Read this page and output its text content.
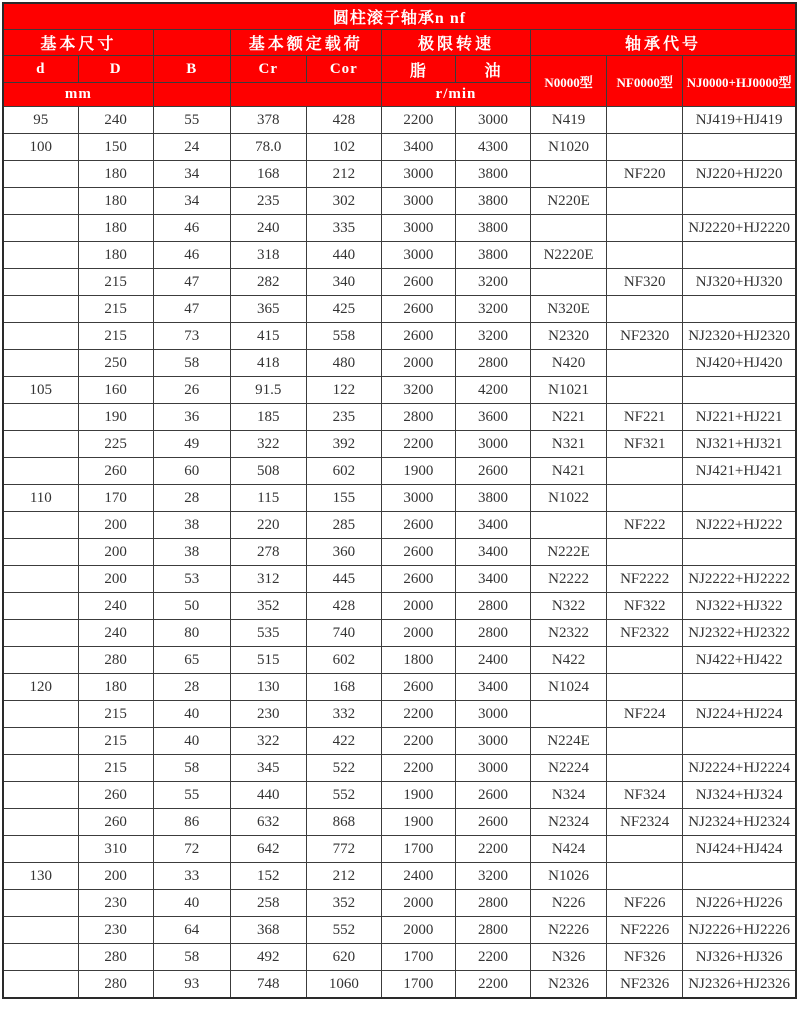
圆柱滚子轴承n nf									
基本尺寸			基本额定载荷		极限转速		轴承代号		
d	D	B	Cr	Cor	脂	油	N0000型	NF0000型	NJ0000+HJ0000型
mm					r/min				
95	240	55	378	428	2200	3000	N419		NJ419+HJ419
100	150	24	78.0	102	3400	4300	N1020		
	180	34	168	212	3000	3800		NF220	NJ220+HJ220
	180	34	235	302	3000	3800	N220E		
	180	46	240	335	3000	3800			NJ2220+HJ2220
	180	46	318	440	3000	3800	N2220E		
	215	47	282	340	2600	3200		NF320	NJ320+HJ320
	215	47	365	425	2600	3200	N320E		
	215	73	415	558	2600	3200	N2320	NF2320	NJ2320+HJ2320
	250	58	418	480	2000	2800	N420		NJ420+HJ420
105	160	26	91.5	122	3200	4200	N1021		
	190	36	185	235	2800	3600	N221	NF221	NJ221+HJ221
	225	49	322	392	2200	3000	N321	NF321	NJ321+HJ321
	260	60	508	602	1900	2600	N421		NJ421+HJ421
110	170	28	115	155	3000	3800	N1022		
	200	38	220	285	2600	3400		NF222	NJ222+HJ222
	200	38	278	360	2600	3400	N222E		
	200	53	312	445	2600	3400	N2222	NF2222	NJ2222+HJ2222
	240	50	352	428	2000	2800	N322	NF322	NJ322+HJ322
	240	80	535	740	2000	2800	N2322	NF2322	NJ2322+HJ2322
	280	65	515	602	1800	2400	N422		NJ422+HJ422
120	180	28	130	168	2600	3400	N1024		
	215	40	230	332	2200	3000		NF224	NJ224+HJ224
	215	40	322	422	2200	3000	N224E		
	215	58	345	522	2200	3000	N2224		NJ2224+HJ2224
	260	55	440	552	1900	2600	N324	NF324	NJ324+HJ324
	260	86	632	868	1900	2600	N2324	NF2324	NJ2324+HJ2324
	310	72	642	772	1700	2200	N424		NJ424+HJ424
130	200	33	152	212	2400	3200	N1026		
	230	40	258	352	2000	2800	N226	NF226	NJ226+HJ226
	230	64	368	552	2000	2800	N2226	NF2226	NJ2226+HJ2226
	280	58	492	620	1700	2200	N326	NF326	NJ326+HJ326
	280	93	748	1060	1700	2200	N2326	NF2326	NJ2326+HJ2326
